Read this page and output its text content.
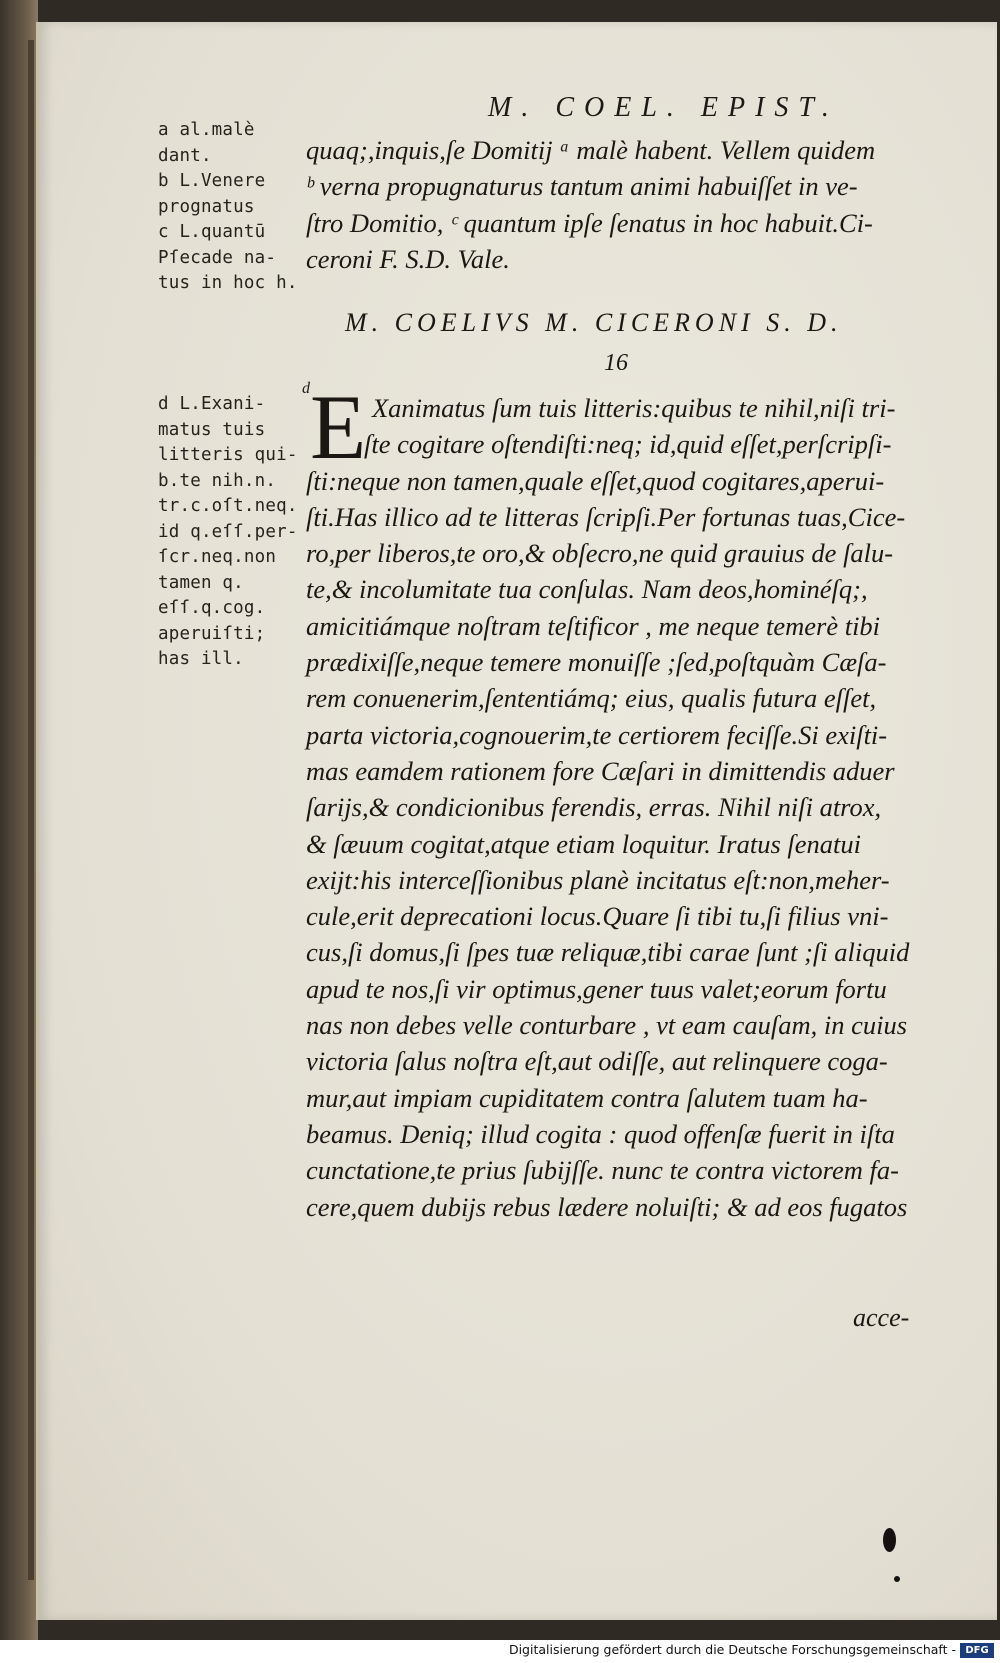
M. COEL. EPIST.
a al.malè
dant.
b L.Venere
prognatus
c L.quantū
Pſecade na-
tus in hoc h.
quaq;,inquis,ſe Domitij ᵃ malè habent. Vellem quidem
ᵇ verna propugnaturus tantum animi habuiſſet in ve-
ſtro Domitio, ᶜ quantum ipſe ſenatus in hoc habuit.Ci-
ceroni F. S.D. Vale.
M. COELIVS M. CICERONI S. D.
16
d L.Exani-
matus tuis
litteris qui-
b.te nih.n.
tr.c.oſt.neq.
id q.eſſ.per-
ſcr.neq.non
tamen q.
eſſ.q.cog.
aperuiſti;
has ill.
d E Xanimatus ſum tuis litteris:quibus te nihil,niſi tri-
ſte cogitare oſtendiſti:neq; id,quid eſſet,perſcripſi-
ſti:neque non tamen,quale eſſet,quod cogitares,aperui-
ſti.Has illico ad te litteras ſcripſi.Per fortunas tuas,Cice-
ro,per liberos,te oro,& obſecro,ne quid grauius de ſalu-
te,& incolumitate tua conſulas. Nam deos,hominéſq;,
amicitiámque noſtram teſtificor , me neque temerè tibi
prædixiſſe,neque temere monuiſſe ;ſed,poſtquàm Cæſa-
rem conuenerim,ſententiámq; eius, qualis futura eſſet,
parta victoria,cognouerim,te certiorem feciſſe.Si exiſti-
mas eamdem rationem fore Cæſari in dimittendis aduer
ſarijs,& condicionibus ferendis, erras. Nihil niſi atrox,
& ſæuum cogitat,atque etiam loquitur. Iratus ſenatui
exijt:his interceſſionibus planè incitatus eſt:non,meher-
cule,erit deprecationi locus.Quare ſi tibi tu,ſi filius vni-
cus,ſi domus,ſi ſpes tuæ reliquæ,tibi carae ſunt ;ſi aliquid
apud te nos,ſi vir optimus,gener tuus valet;eorum fortu
nas non debes velle conturbare , vt eam cauſam, in cuius
victoria ſalus noſtra eſt,aut odiſſe, aut relinquere coga-
mur,aut impiam cupiditatem contra ſalutem tuam ha-
beamus. Deniq; illud cogita : quod offenſæ fuerit in iſta
cunctatione,te prius ſubijſſe. nunc te contra victorem fa-
cere,quem dubijs rebus lædere noluiſti; & ad eos fugatos
acce-
Digitalisierung gefördert durch die Deutsche Forschungsgemeinschaft - DFG
